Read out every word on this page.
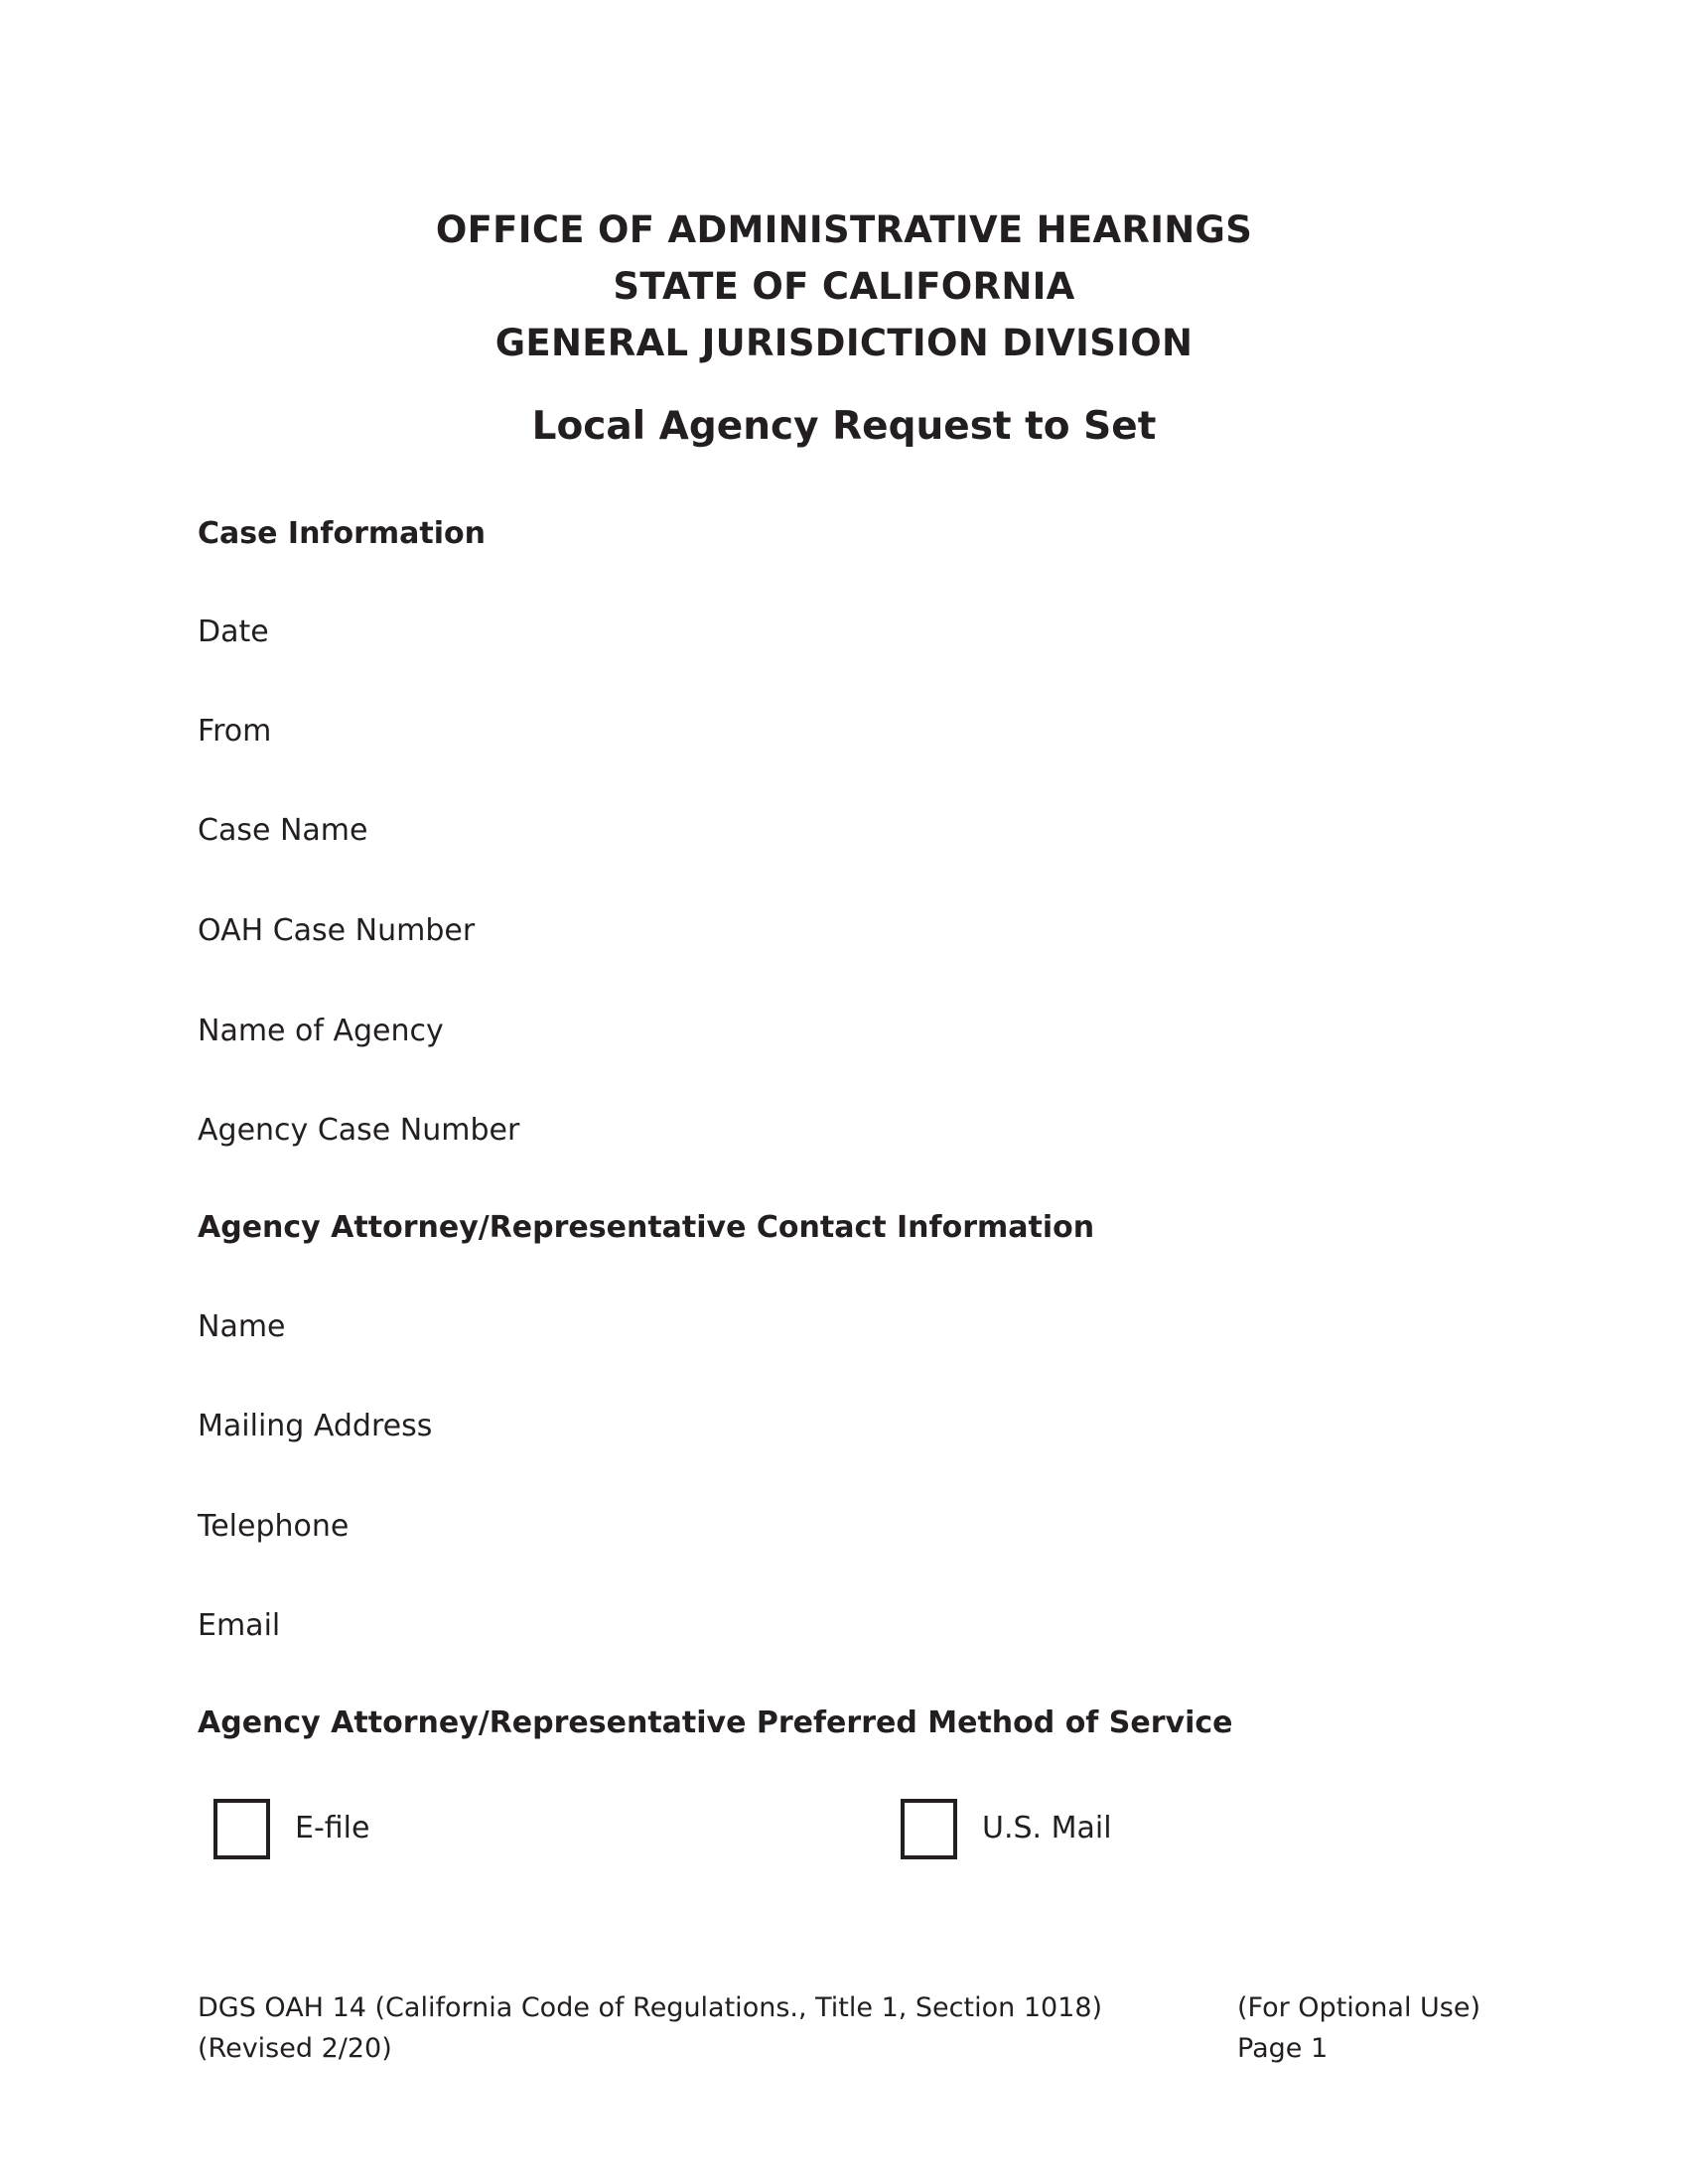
OFFICE OF ADMINISTRATIVE HEARINGS
STATE OF CALIFORNIA
GENERAL JURISDICTION DIVISION
Local Agency Request to Set
Case Information
Date
From
Case Name
OAH Case Number
Name of Agency
Agency Case Number
Agency Attorney/Representative Contact Information
Name
Mailing Address
Telephone
Email
Agency Attorney/Representative Preferred Method of Service
E-file	U.S. Mail
DGS OAH 14 (California Code of Regulations., Title 1, Section 1018)
(Revised 2/20)
(For Optional Use)
Page 1
